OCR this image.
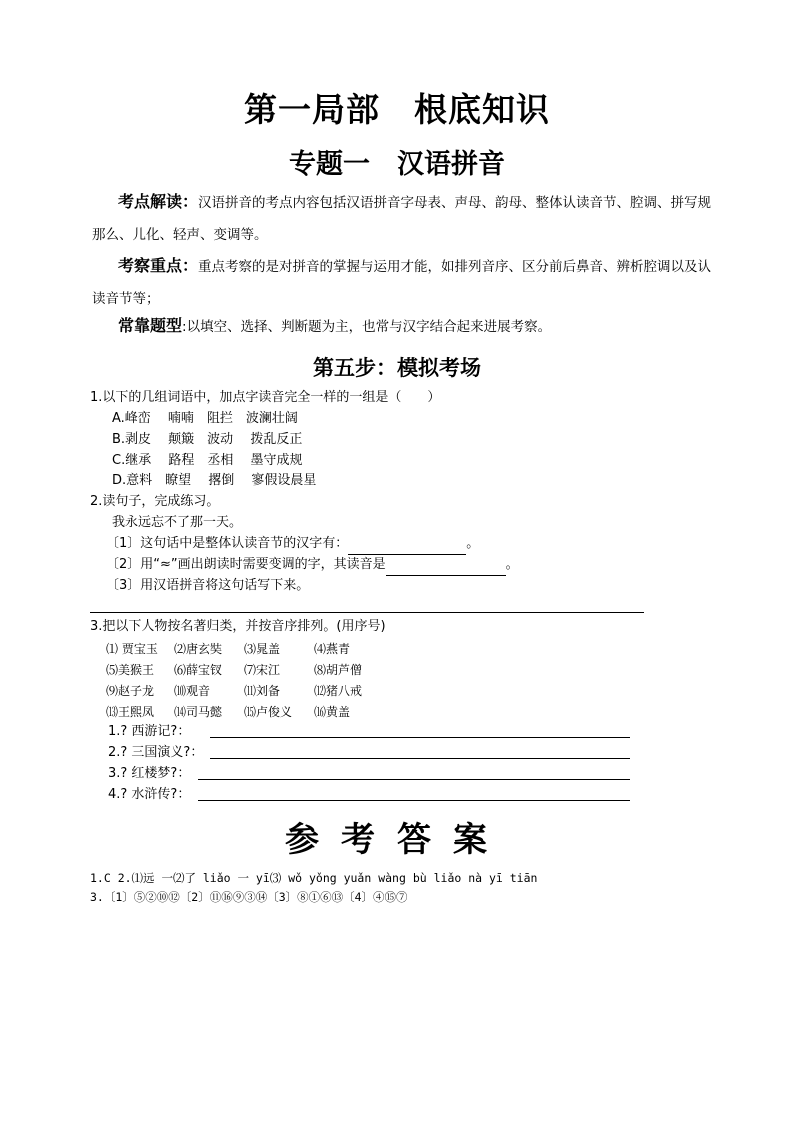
第一局部　根底知识
专题一　汉语拼音
考点解读：汉语拼音的考点内容包括汉语拼音字母表、声母、韵母、整体认读音节、腔调、拼写规那么、儿化、轻声、变调等。
考察重点：重点考察的是对拼音的掌握与运用才能，如排列音序、区分前后鼻音、辨析腔调以及认读音节等；
常靠题型:以填空、选择、判断题为主，也常与汉字结合起来进展考察。
第五步：模拟考场
1.以下的几组词语中，加点字读音完全一样的一组是（　　）
A.峰峦　 喃喃　阻拦　波澜壮阔
B.剥皮　 颠簸　波动　 拨乱反正
C.继承　 路程　丞相　 墨守成规
D.意料　瞭望　 撂倒　 寥假设晨星
2.读句子，完成练习。
我永远忘不了那一天。
〔1〕这句话中是整体认读音节的汉字有：	。
〔2〕用“≈”画出朗读时需要变调的字，其读音是	。
〔3〕用汉语拼音将这句话写下来。
3.把以下人物按名著归类，并按音序排列。(用序号)
⑴ 贾宝玉 ⑵唐玄奘 ⑶晁盖	⑷燕青
⑸美猴王 ⑹薛宝钗 ⑺宋江	⑻胡芦僧
⑼赵子龙 ⑽观音	⑾刘备	⑿猪八戒
⒀王熙凤 ⒁司马懿 ⒂卢俊义 ⒃黄盖
1.? 西游记?：
2.? 三国演义?：
3.? 红楼梦?：
4.? 水浒传?：
参考答案
1.C 2.⑴远 一⑵了 liǎo 一 yī⑶ wǒ yǒng yuǎn wàng bù liǎo nà yī tiān
3.〔1〕⑤②⑩⑫〔2〕⑪⑯⑨③⑭〔3〕⑧①⑥⑬〔4〕④⑮⑦
